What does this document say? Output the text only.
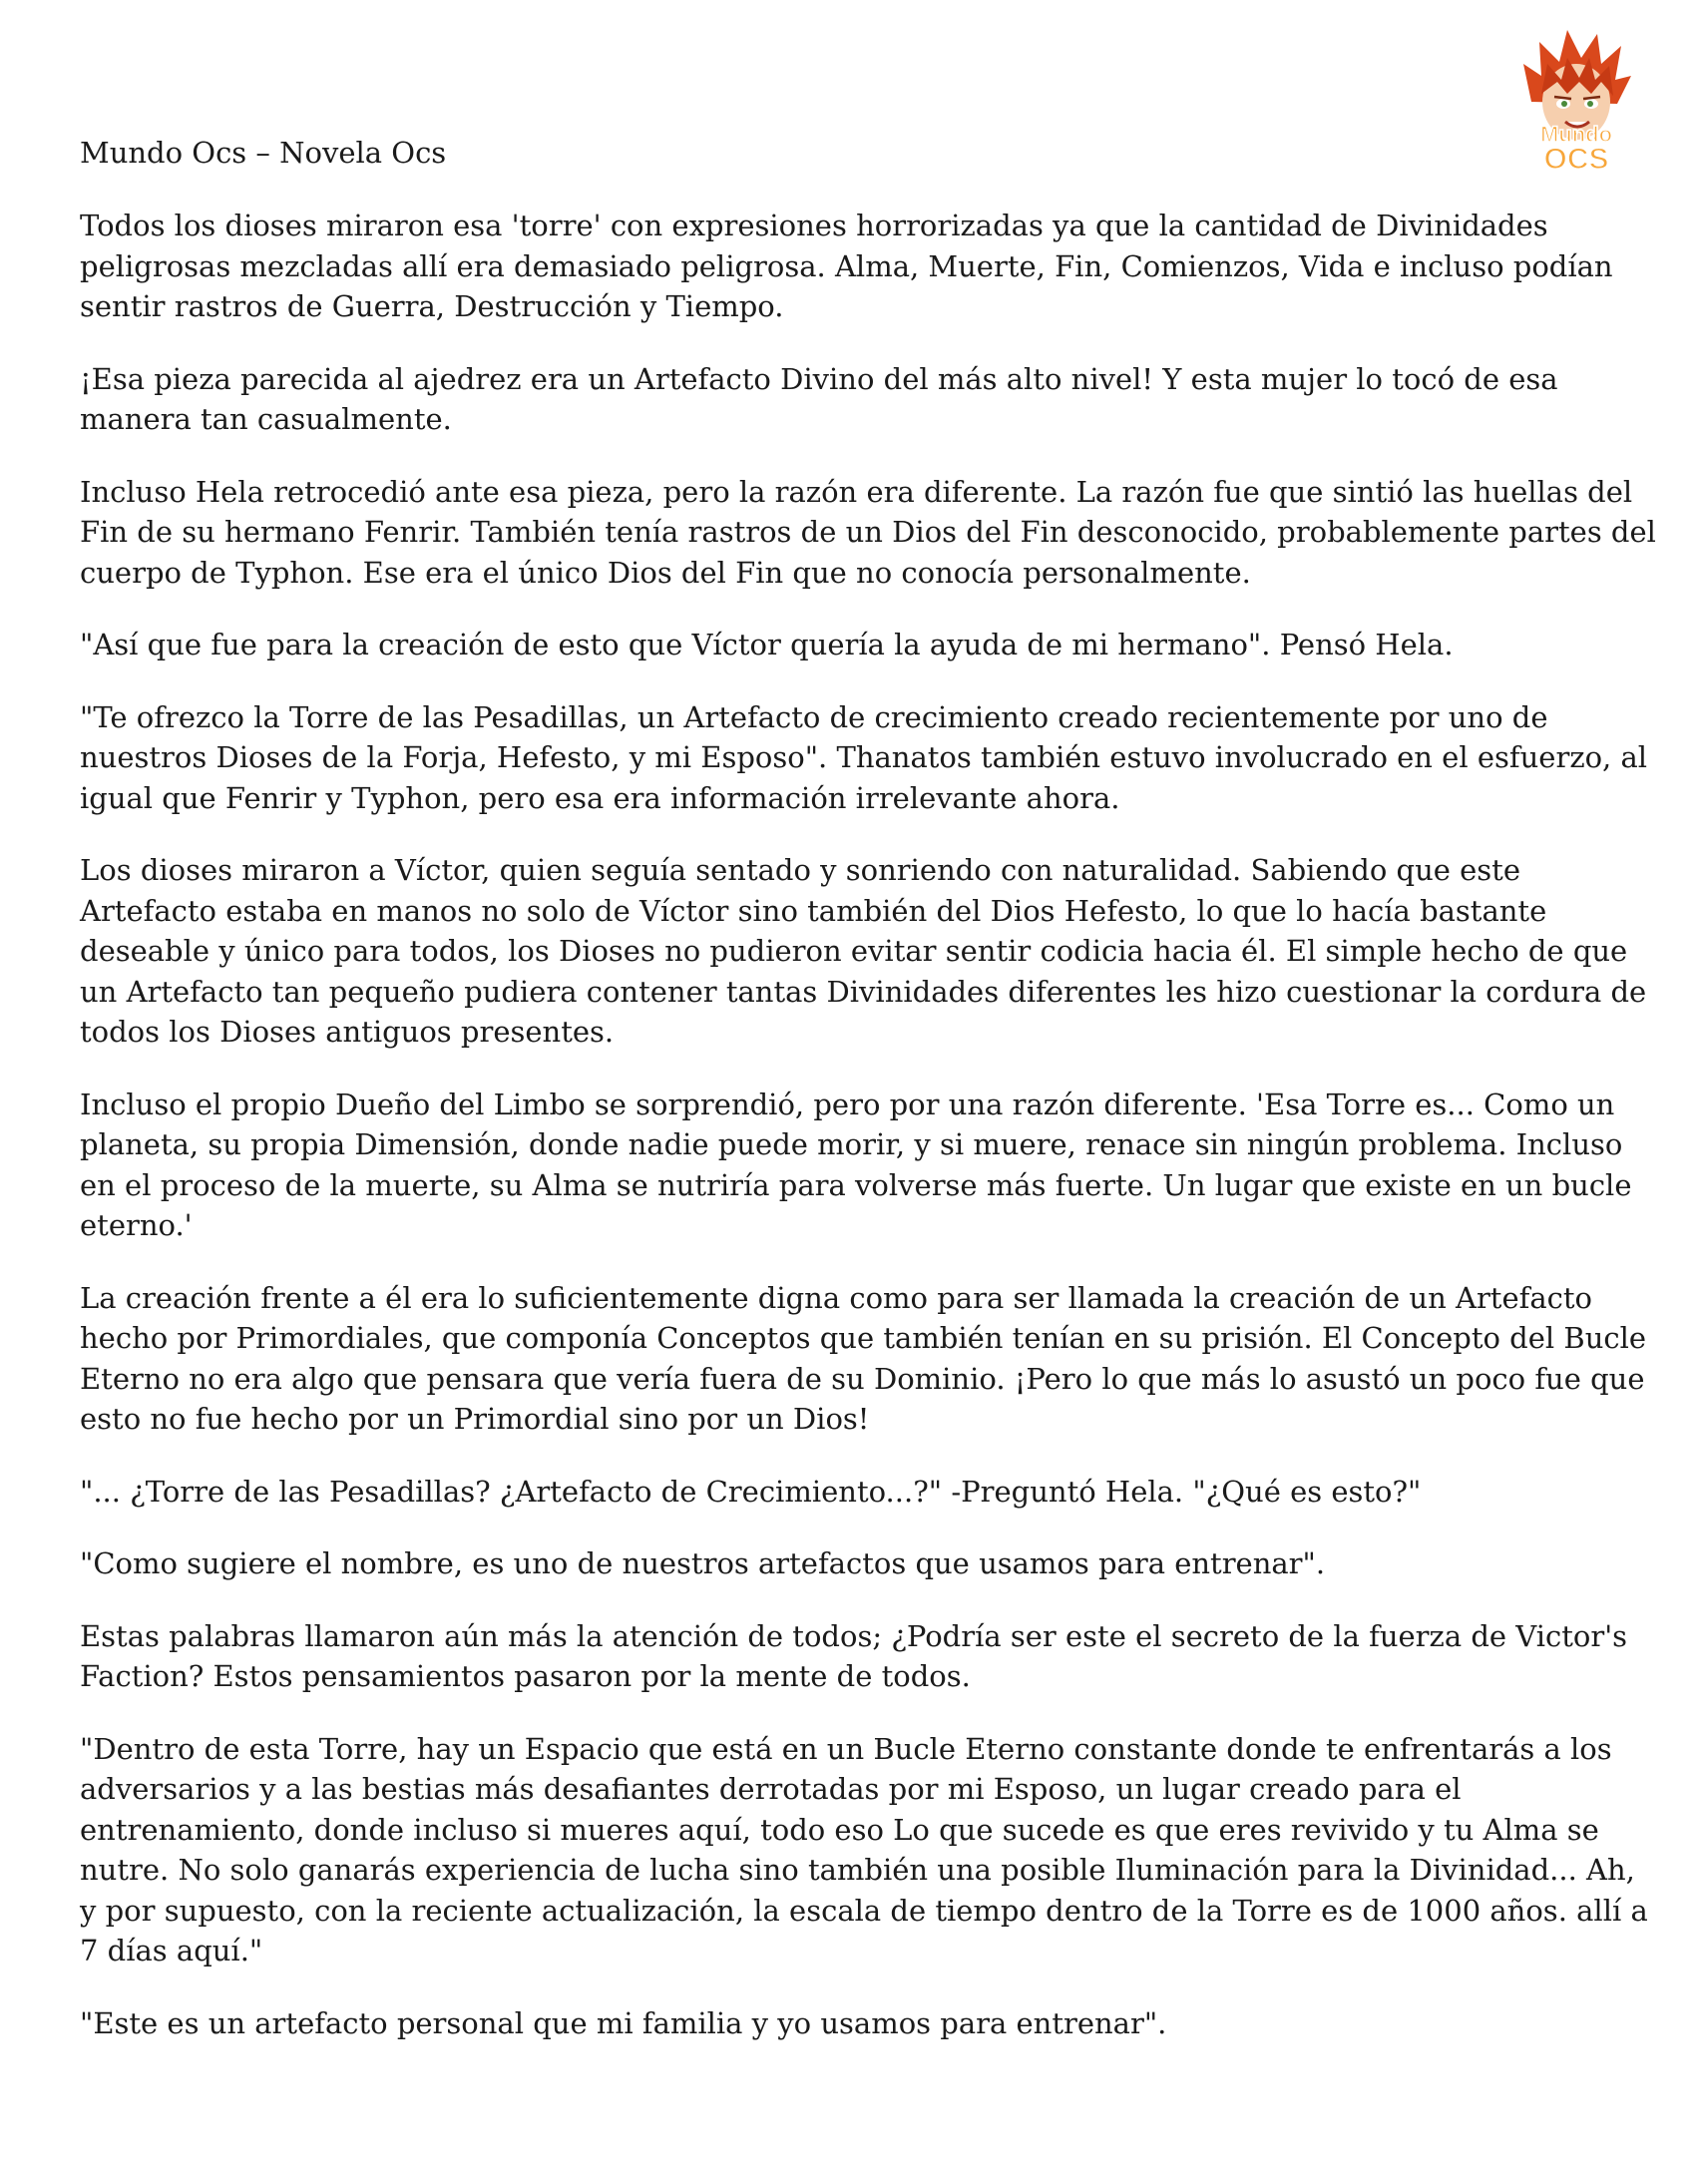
Mundo Ocs – Novela Ocs
Mundo
OCS

Todos los dioses miraron esa 'torre' con expresiones horrorizadas ya que la cantidad de Divinidades peligrosas mezcladas allí era demasiado peligrosa. Alma, Muerte, Fin, Comienzos, Vida e incluso podían sentir rastros de Guerra, Destrucción y Tiempo.

¡Esa pieza parecida al ajedrez era un Artefacto Divino del más alto nivel! Y esta mujer lo tocó de esa manera tan casualmente.

Incluso Hela retrocedió ante esa pieza, pero la razón era diferente. La razón fue que sintió las huellas del Fin de su hermano Fenrir. También tenía rastros de un Dios del Fin desconocido, probablemente partes del cuerpo de Typhon. Ese era el único Dios del Fin que no conocía personalmente.

"Así que fue para la creación de esto que Víctor quería la ayuda de mi hermano". Pensó Hela.

"Te ofrezco la Torre de las Pesadillas, un Artefacto de crecimiento creado recientemente por uno de nuestros Dioses de la Forja, Hefesto, y mi Esposo". Thanatos también estuvo involucrado en el esfuerzo, al igual que Fenrir y Typhon, pero esa era información irrelevante ahora.

Los dioses miraron a Víctor, quien seguía sentado y sonriendo con naturalidad. Sabiendo que este Artefacto estaba en manos no solo de Víctor sino también del Dios Hefesto, lo que lo hacía bastante deseable y único para todos, los Dioses no pudieron evitar sentir codicia hacia él. El simple hecho de que un Artefacto tan pequeño pudiera contener tantas Divinidades diferentes les hizo cuestionar la cordura de todos los Dioses antiguos presentes.

Incluso el propio Dueño del Limbo se sorprendió, pero por una razón diferente. 'Esa Torre es... Como un planeta, su propia Dimensión, donde nadie puede morir, y si muere, renace sin ningún problema. Incluso en el proceso de la muerte, su Alma se nutriría para volverse más fuerte. Un lugar que existe en un bucle eterno.'

La creación frente a él era lo suficientemente digna como para ser llamada la creación de un Artefacto hecho por Primordiales, que componía Conceptos que también tenían en su prisión. El Concepto del Bucle Eterno no era algo que pensara que vería fuera de su Dominio. ¡Pero lo que más lo asustó un poco fue que esto no fue hecho por un Primordial sino por un Dios!

"... ¿Torre de las Pesadillas? ¿Artefacto de Crecimiento...?" -Preguntó Hela. "¿Qué es esto?"

"Como sugiere el nombre, es uno de nuestros artefactos que usamos para entrenar".

Estas palabras llamaron aún más la atención de todos; ¿Podría ser este el secreto de la fuerza de Victor's Faction? Estos pensamientos pasaron por la mente de todos.

"Dentro de esta Torre, hay un Espacio que está en un Bucle Eterno constante donde te enfrentarás a los adversarios y a las bestias más desafiantes derrotadas por mi Esposo, un lugar creado para el entrenamiento, donde incluso si mueres aquí, todo eso Lo que sucede es que eres revivido y tu Alma se nutre. No solo ganarás experiencia de lucha sino también una posible Iluminación para la Divinidad... Ah, y por supuesto, con la reciente actualización, la escala de tiempo dentro de la Torre es de 1000 años. allí a 7 días aquí."

"Este es un artefacto personal que mi familia y yo usamos para entrenar".
